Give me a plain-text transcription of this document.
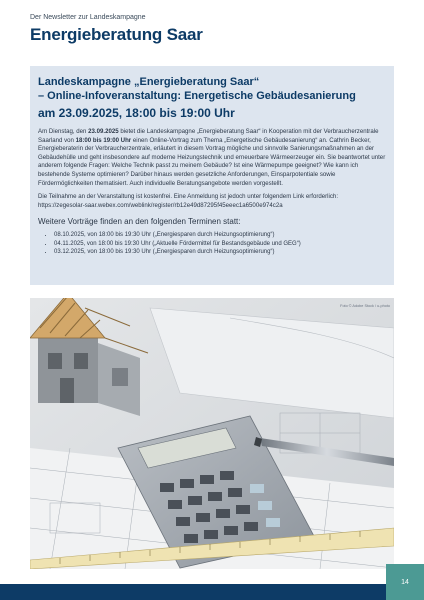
Der Newsletter zur Landeskampagne
Energieberatung Saar

Landeskampagne „Energieberatung Saar“
– Online-Infoveranstaltung: Energetische Gebäudesanierung

am 23.09.2025, 18:00 bis 19:00 Uhr

Am Dienstag, den 23.09.2025 bietet die Landeskampagne „Energieberatung Saar“ in Kooperation mit der Verbraucherzentrale Saarland von 18:00 bis 19:00 Uhr einen Online-Vortrag zum Thema „Energetische Gebäudesanierung“ an. Cathrin Becker, Energieberaterin der Verbraucherzentrale, erläutert in diesem Vortrag mögliche und sinnvolle Sanierungsmaßnahmen an der Gebäudehülle und geht insbesondere auf moderne Heizungstechnik und erneuerbare Wärmeerzeuger ein. Sie beantwortet unter anderem folgende Fragen: Welche Technik passt zu meinem Gebäude? Ist eine Wärmepumpe geeignet? Wie kann ich bestehende Systeme optimieren? Darüber hinaus werden gesetzliche Anforderungen, Einsparpotentiale sowie Fördermöglichkeiten thematisiert. Auch individuelle Beratungsangebote werden vorgestellt.

Die Teilnahme an der Veranstaltung ist kostenfrei. Eine Anmeldung ist jedoch unter folgendem Link erforderlich:
https://zegesolar-saar.webex.com/weblink/register/rb12e49d87295f45eeec1a6500e974c2a

Weitere Vorträge finden an den folgenden Terminen statt:

• 08.10.2025, von 18:00 bis 19:30 Uhr („Energiesparen durch Heizungsoptimierung“)
• 04.11.2025, von 18:00 bis 19:30 Uhr („Aktuelle Fördermittel für Bestandsgebäude und GEG“)
• 03.12.2025, von 18:00 bis 19:30 Uhr („Energiesparen durch Heizungsoptimierung“)
Foto © Adobe Stock / u-photo
14
